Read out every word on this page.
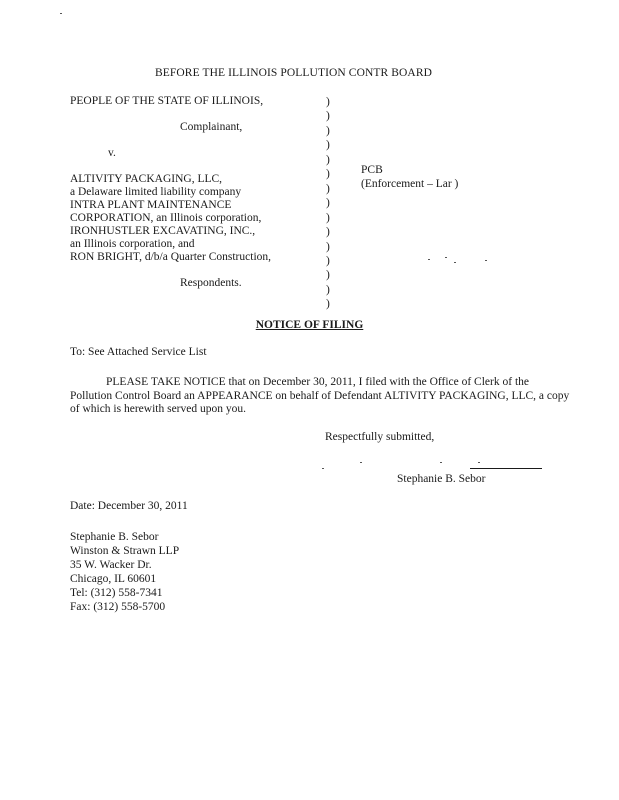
BEFORE THE ILLINOIS POLLUTION CONTR BOARD
PEOPLE OF THE STATE OF ILLINOIS,
Complainant,
v.
ALTIVITY PACKAGING, LLC,
a Delaware limited liability company
INTRA PLANT MAINTENANCE
CORPORATION, an Illinois corporation,
IRONHUSTLER EXCAVATING, INC.,
an Illinois corporation, and
RON BRIGHT, d/b/a Quarter Construction,
Respondents.
)
)
)
)
)
)
)
)
)
)
)
)
)
)
)
PCB
(Enforcement – Lar )
NOTICE OF FILING
To: See Attached Service List
PLEASE TAKE NOTICE that on December 30, 2011, I filed with the Office of Clerk of the Pollution Control Board an APPEARANCE on behalf of Defendant ALTIVITY PACKAGING, LLC, a copy of which is herewith served upon you.
Respectfully submitted,
Stephanie B. Sebor
Date: December 30, 2011
Stephanie B. Sebor
Winston & Strawn LLP
35 W. Wacker Dr.
Chicago, IL 60601
Tel: (312) 558-7341
Fax: (312) 558-5700
